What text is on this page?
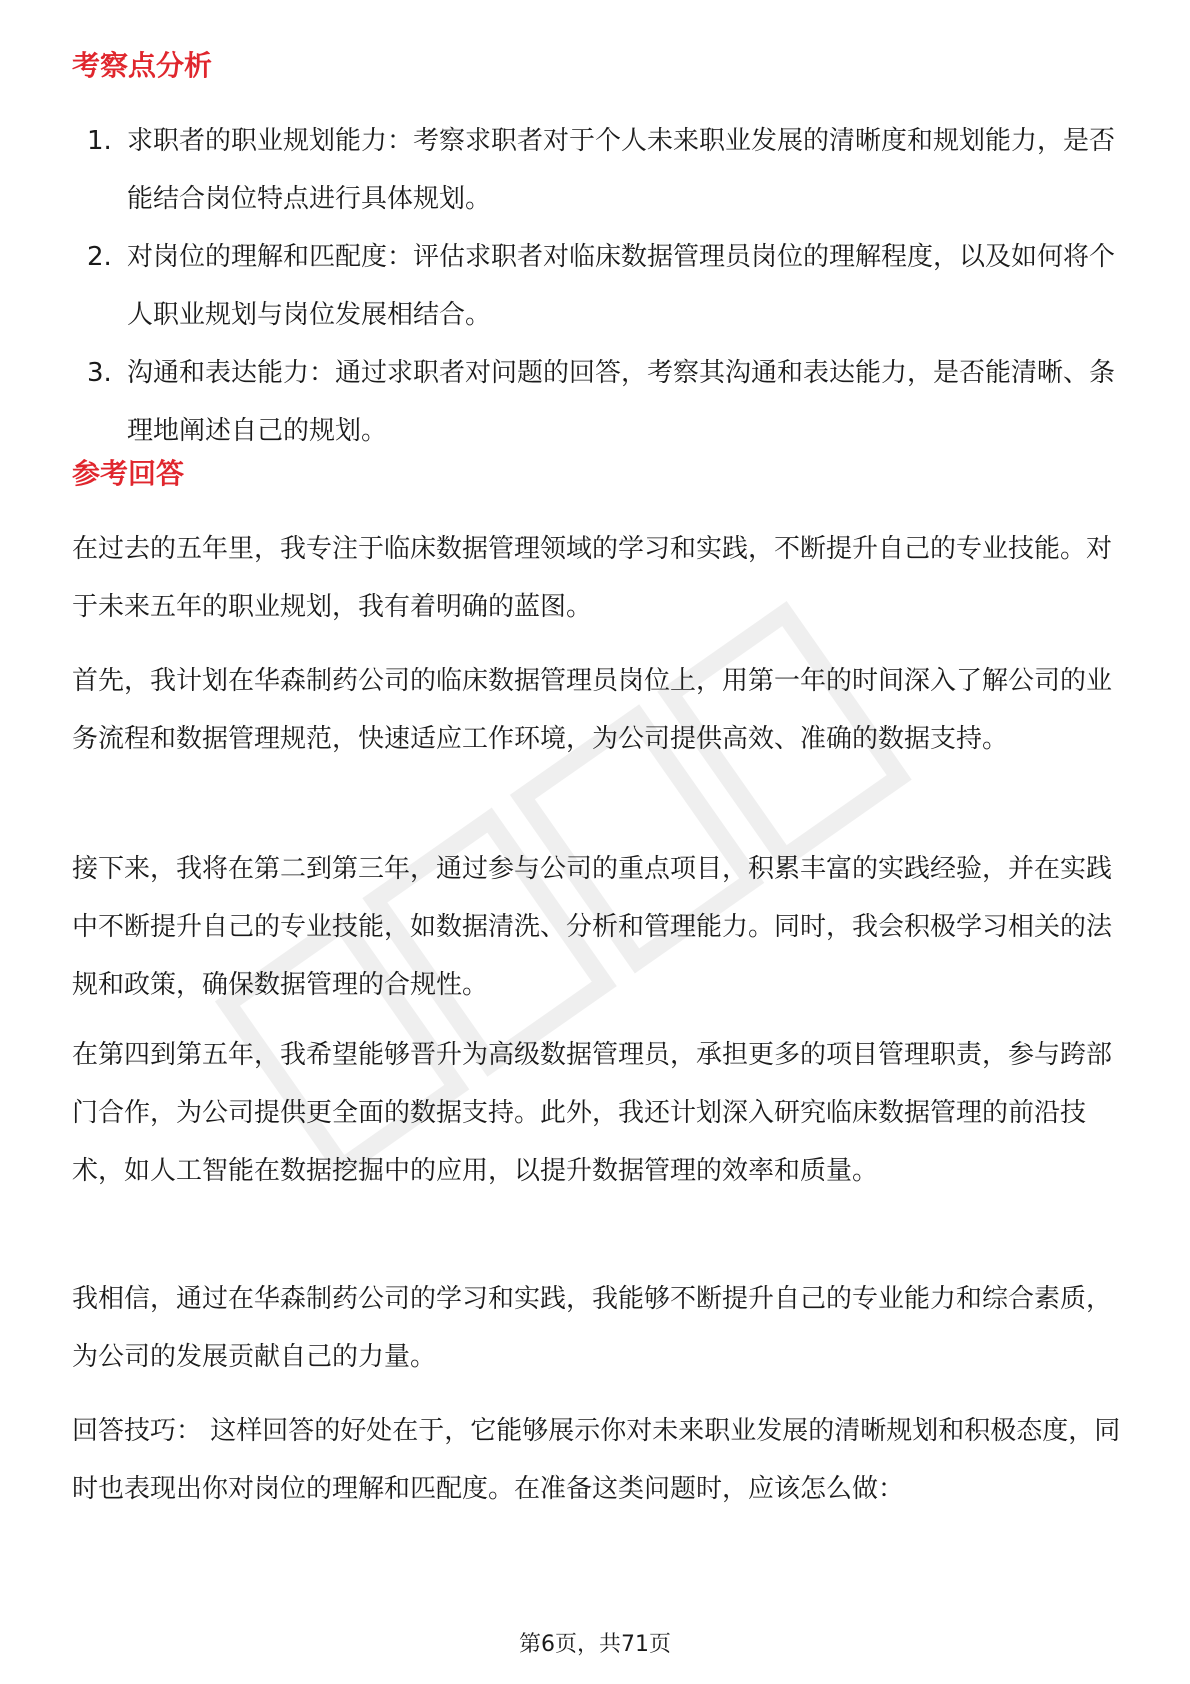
考察点分析
1. 求职者的职业规划能力：考察求职者对于个人未来职业发展的清晰度和规划能力，是否能结合岗位特点进行具体规划。
2. 对岗位的理解和匹配度：评估求职者对临床数据管理员岗位的理解程度，以及如何将个人职业规划与岗位发展相结合。
3. 沟通和表达能力：通过求职者对问题的回答，考察其沟通和表达能力，是否能清晰、条理地阐述自己的规划。
参考回答

在过去的五年里，我专注于临床数据管理领域的学习和实践，不断提升自己的专业技能。对于未来五年的职业规划，我有着明确的蓝图。

首先，我计划在华森制药公司的临床数据管理员岗位上，用第一年的时间深入了解公司的业务流程和数据管理规范，快速适应工作环境，为公司提供高效、准确的数据支持。

接下来，我将在第二到第三年，通过参与公司的重点项目，积累丰富的实践经验，并在实践中不断提升自己的专业技能，如数据清洗、分析和管理能力。同时，我会积极学习相关的法规和政策，确保数据管理的合规性。

在第四到第五年，我希望能够晋升为高级数据管理员，承担更多的项目管理职责，参与跨部门合作，为公司提供更全面的数据支持。此外，我还计划深入研究临床数据管理的前沿技术，如人工智能在数据挖掘中的应用，以提升数据管理的效率和质量。

我相信，通过在华森制药公司的学习和实践，我能够不断提升自己的专业能力和综合素质，为公司的发展贡献自己的力量。

回答技巧： 这样回答的好处在于，它能够展示你对未来职业发展的清晰规划和积极态度，同时也表现出你对岗位的理解和匹配度。在准备这类问题时，应该怎么做：

第6页，共71页
